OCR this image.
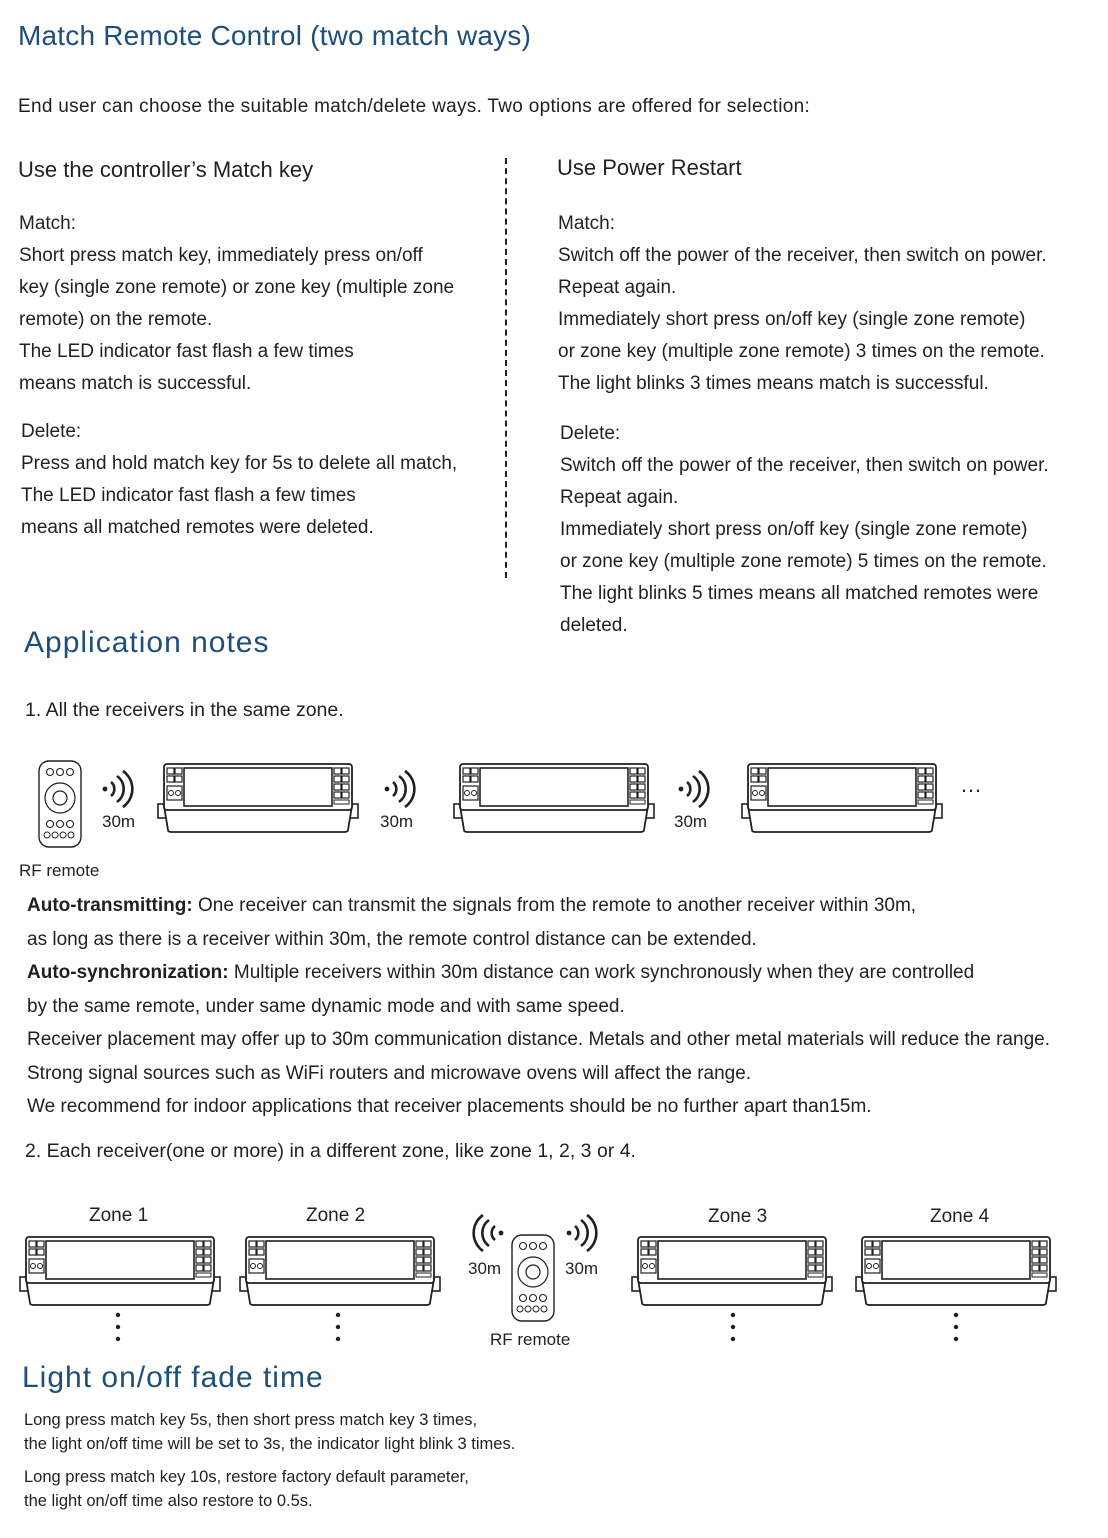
Match Remote Control (two match ways)
End user can choose the suitable match/delete ways. Two options are offered for selection:
Use the controller’s Match key
Match:
Short press match key, immediately press on/off
key (single zone remote) or zone key (multiple zone
remote) on the remote.
The LED indicator fast flash a few times
means match is successful.
Delete:
Press and hold match key for 5s to delete all match,
The LED indicator fast flash a few times
means all matched remotes were deleted.
Use Power Restart
Match:
Switch off the power of the receiver, then switch on power.
Repeat again.
Immediately short press on/off key (single zone remote)
or zone key (multiple zone remote) 3 times on the remote.
The light blinks 3 times means match is successful.
Delete:
Switch off the power of the receiver, then switch on power.
Repeat again.
Immediately short press on/off key (single zone remote)
or zone key (multiple zone remote) 5 times on the remote.
The light blinks 5 times means all matched remotes were
deleted.
Application notes
1. All the receivers in the same zone.
30m	30m	30m
…
RF remote
Auto-transmitting: One receiver can transmit the signals from the remote to another receiver within 30m,
as long as there is a receiver within 30m, the remote control distance can be extended.
Auto-synchronization: Multiple receivers within 30m distance can work synchronously when they are controlled
by the same remote, under same dynamic mode and with same speed.
Receiver placement may offer up to 30m communication distance. Metals and other metal materials will reduce the range.
Strong signal sources such as WiFi routers and microwave ovens will affect the range.
We recommend for indoor applications that receiver placements should be no further apart than15m.
2. Each receiver(one or more) in a different zone, like zone 1, 2, 3 or 4.
Zone 1	Zone 2	Zone 3	Zone 4
30m	30m
RF remote
Light on/off fade time
Long press match key 5s, then short press match key 3 times,
the light on/off time will be set to 3s, the indicator light blink 3 times.
Long press match key 10s, restore factory default parameter,
the light on/off time also restore to 0.5s.
